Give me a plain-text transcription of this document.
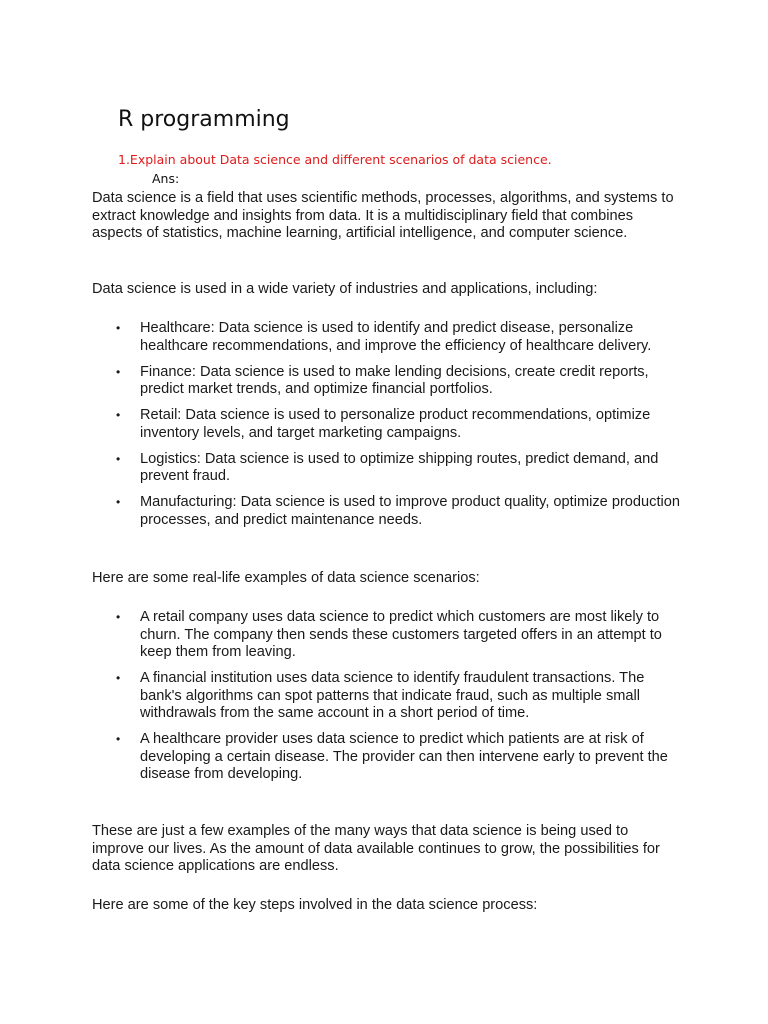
R programming

1.Explain about Data science and different scenarios of data science.

Ans:

Data science is a field that uses scientific methods, processes, algorithms, and systems to extract knowledge and insights from data. It is a multidisciplinary field that combines aspects of statistics, machine learning, artificial intelligence, and computer science.

Data science is used in a wide variety of industries and applications, including:

• Healthcare: Data science is used to identify and predict disease, personalize healthcare recommendations, and improve the efficiency of healthcare delivery.
• Finance: Data science is used to make lending decisions, create credit reports, predict market trends, and optimize financial portfolios.
• Retail: Data science is used to personalize product recommendations, optimize inventory levels, and target marketing campaigns.
• Logistics: Data science is used to optimize shipping routes, predict demand, and prevent fraud.
• Manufacturing: Data science is used to improve product quality, optimize production processes, and predict maintenance needs.

Here are some real-life examples of data science scenarios:

• A retail company uses data science to predict which customers are most likely to churn. The company then sends these customers targeted offers in an attempt to keep them from leaving.
• A financial institution uses data science to identify fraudulent transactions. The bank's algorithms can spot patterns that indicate fraud, such as multiple small withdrawals from the same account in a short period of time.
• A healthcare provider uses data science to predict which patients are at risk of developing a certain disease. The provider can then intervene early to prevent the disease from developing.

These are just a few examples of the many ways that data science is being used to improve our lives. As the amount of data available continues to grow, the possibilities for data science applications are endless.

Here are some of the key steps involved in the data science process:
